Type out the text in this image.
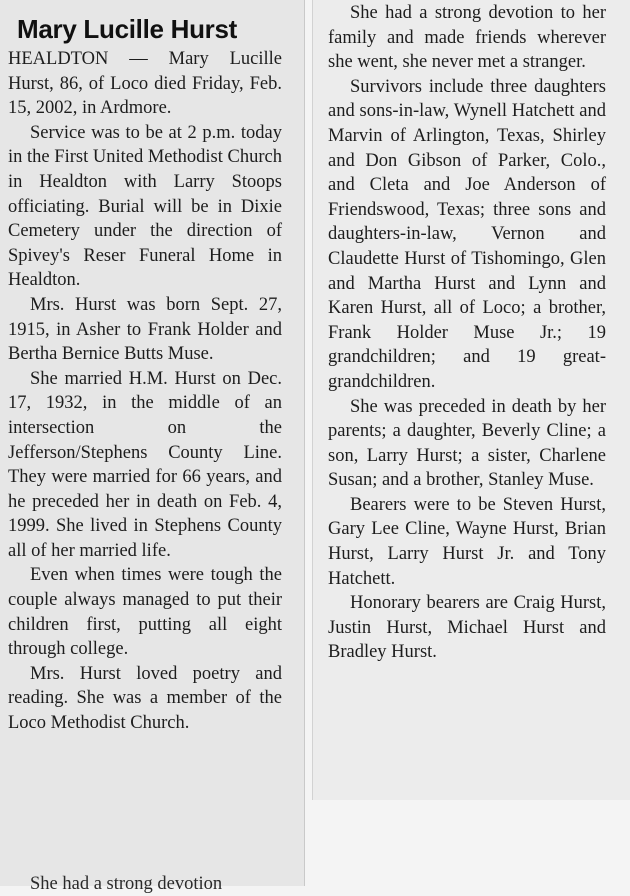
Mary Lucille Hurst

HEALDTON — Mary Lucille Hurst, 86, of Loco died Friday, Feb. 15, 2002, in Ardmore.

Service was to be at 2 p.m. today in the First United Methodist Church in Healdton with Larry Stoops officiating. Burial will be in Dixie Cemetery under the direction of Spivey's Reser Funeral Home in Healdton.

Mrs. Hurst was born Sept. 27, 1915, in Asher to Frank Holder and Bertha Bernice Butts Muse.

She married H.M. Hurst on Dec. 17, 1932, in the middle of an intersection on the Jefferson/Stephens County Line. They were married for 66 years, and he preceded her in death on Feb. 4, 1999. She lived in Stephens County all of her married life.

Even when times were tough the couple always managed to put their children first, putting all eight through college.

Mrs. Hurst loved poetry and reading. She was a member of the Loco Methodist Church.

She had a strong devotion

She had a strong devotion to her family and made friends wherever she went, she never met a stranger.

Survivors include three daughters and sons-in-law, Wynell Hatchett and Marvin of Arlington, Texas, Shirley and Don Gibson of Parker, Colo., and Cleta and Joe Anderson of Friendswood, Texas; three sons and daughters-in-law, Vernon and Claudette Hurst of Tishomingo, Glen and Martha Hurst and Lynn and Karen Hurst, all of Loco; a brother, Frank Holder Muse Jr.; 19 grandchildren; and 19 great-grandchildren.

She was preceded in death by her parents; a daughter, Beverly Cline; a son, Larry Hurst; a sister, Charlene Susan; and a brother, Stanley Muse.

Bearers were to be Steven Hurst, Gary Lee Cline, Wayne Hurst, Brian Hurst, Larry Hurst Jr. and Tony Hatchett.

Honorary bearers are Craig Hurst, Justin Hurst, Michael Hurst and Bradley Hurst.
